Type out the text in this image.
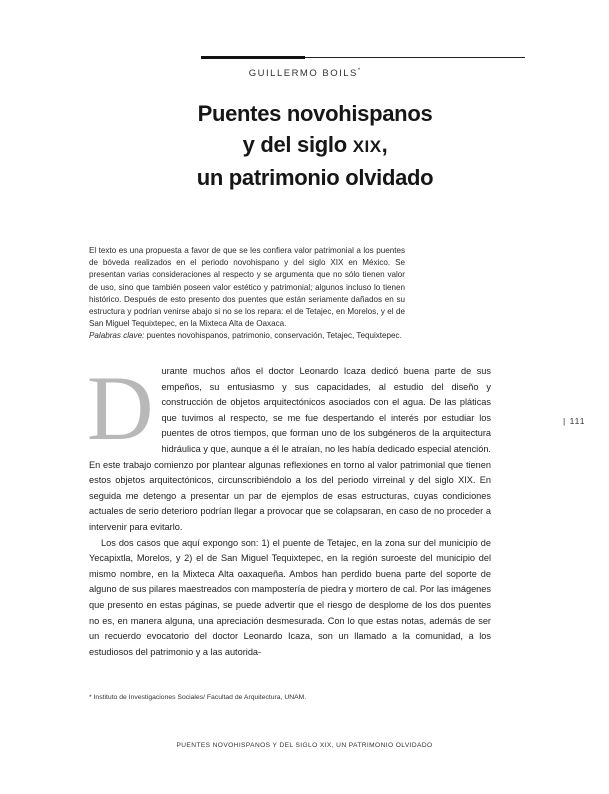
GUILLERMO BOILS*
Puentes novohispanos
y del siglo XIX,
un patrimonio olvidado

El texto es una propuesta a favor de que se les confiera valor patrimonial a los puentes de bóveda realizados en el periodo novohispano y del siglo XIX en México. Se presentan varias consideraciones al respecto y se argumenta que no sólo tienen valor de uso, sino que también poseen valor estético y patrimonial; algunos incluso lo tienen histórico. Después de esto presento dos puentes que están seriamente dañados en su estructura y podrían venirse abajo si no se los repara: el de Tetajec, en Morelos, y el de San Miguel Tequixtepec, en la Mixteca Alta de Oaxaca.

Palabras clave: puentes novohispanos, patrimonio, conservación, Tetajec, Tequixtepec.

Durante muchos años el doctor Leonardo Icaza dedicó buena parte de sus empeños, su entusiasmo y sus capacidades, al estudio del diseño y construcción de objetos arquitectónicos asociados con el agua. De las pláticas que tuvimos al respecto, se me fue despertando el interés por estudiar los puentes de otros tiempos, que forman uno de los subgéneros de la arquitectura hidráulica y que, aunque a él le atraían, no les había dedicado especial atención. En este trabajo comienzo por plantear algunas reflexiones en torno al valor patrimonial que tienen estos objetos arquitectónicos, circunscribiéndolo a los del periodo virreinal y del siglo XIX. En seguida me detengo a presentar un par de ejemplos de esas estructuras, cuyas condiciones actuales de serio deterioro podrían llegar a provocar que se colapsaran, en caso de no proceder a intervenir para evitarlo.

Los dos casos que aquí expongo son: 1) el puente de Tetajec, en la zona sur del municipio de Yecapixtla, Morelos, y 2) el de San Miguel Tequixtepec, en la región suroeste del municipio del mismo nombre, en la Mixteca Alta oaxaqueña. Ambos han perdido buena parte del soporte de alguno de sus pilares maestreados con mampostería de piedra y mortero de cal. Por las imágenes que presento en estas páginas, se puede advertir que el riesgo de desplome de los dos puentes no es, en manera alguna, una apreciación desmesurada. Con lo que estas notas, además de ser un recuerdo evocatorio del doctor Leonardo Icaza, son un llamado a la comunidad, a los estudiosos del patrimonio y a las autorida-

| 111
* Instituto de Investigaciones Sociales/ Facultad de Arquitectura, UNAM.
PUENTES NOVOHISPANOS Y DEL SIGLO XIX, UN PATRIMONIO OLVIDADO
